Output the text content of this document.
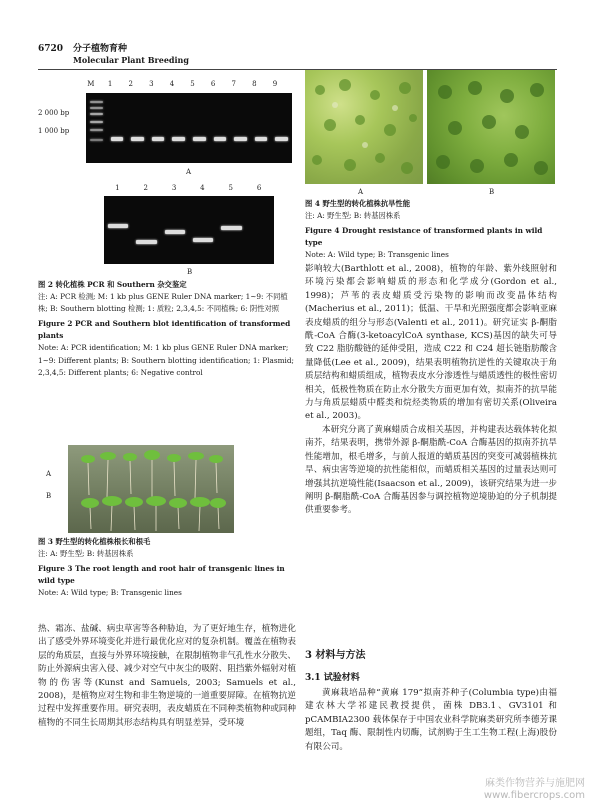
6720 分子植物育种
Molecular Plant Breeding
M 1 2 3 4 5 6 7 8 9
2 000 bp
1 000 bp
A
1	2	3	4	5	6
B
图 2 转化植株 PCR 和 Southern 杂交鉴定
注: A: PCR 检测; M: 1 kb plus GENE Ruler DNA marker; 1~9: 不同植株; B: Southern blotting 检测; 1: 质粒; 2,3,4,5: 不同植株; 6: 阴性对照
Figure 2 PCR and Southern blot identification of transformed plants
Note: A: PCR identification; M: 1 kb plus GENE Ruler DNA marker; 1~9: Different plants; B: Southern blotting identification; 1: Plasmid; 2,3,4,5: Different plants; 6: Negative control
A
B
图 3 野生型的转化植株根长和根毛
注: A: 野生型; B: 转基因株系
Figure 3 The root length and root hair of transgenic lines in wild type
Note: A: Wild type; B: Transgenic lines

热、霜冻、盐碱、病虫草害等各种胁迫，为了更好地生存，植物进化出了感受外界环境变化并进行最优化应对的复杂机制。覆盖在植物表层的角质层，直接与外界环境接触，在限制植物非气孔性水分散失、防止外源病虫害入侵、减少对空气中灰尘的吸附、阻挡紫外辐射对植物的伤害等(Kunst and Samuels, 2003; Samuels et al., 2008)，是植物应对生物和非生物逆境的一道重要屏障。在植物抗逆过程中发挥重要作用。研究表明，表皮蜡质在不同种类植物种或同种植物的不同生长周期其形态结构具有明显差异，受环境

A	B
图 4 野生型的转化植株抗旱性能
注: A: 野生型; B: 转基因株系
Figure 4 Drought resistance of transformed plants in wild type
Note: A: Wild type; B: Transgenic lines

影响较大(Barthlott et al., 2008)，植物的年龄、紫外线照射和环境污染都会影响蜡质的形态和化学成分(Gordon et al., 1998)；芦苇的表皮蜡质受污染物的影响而改变晶体结构(Macherius et al., 2011)；低温、干旱和光照强度都会影响亚麻表皮蜡质的组分与形态(Valenti et al., 2011)。研究证实 β-酮脂酰-CoA 合酶(3-ketoacylCoA synthase, KCS)基因的缺失可导致 C22 脂肪酸链的延伸受阻，造成 C22 和 C24 超长链脂肪酸含量降低(Lee et al., 2009)，结果表明植物抗逆性的关键取决于角质层结构和蜡质组成，植物表皮水分渗透性与蜡质透性的极性密切相关，低极性物质在防止水分散失方面更加有效，拟南芥的抗旱能力与角质层蜡质中醛类和烷烃类物质的增加有密切关系(Oliveira et al., 2003)。

本研究分离了黄麻蜡质合成相关基因，并构建表达载体转化拟南芥，结果表明，携带外源 β-酮脂酰-CoA 合酶基因的拟南芥抗旱性能增加，根毛增多，与前人报道的蜡质基因的突变可减弱植株抗旱、病虫害等逆境的抗性能相似，而蜡质相关基因的过量表达则可增强其抗逆境性能(Isaacson et al., 2009)，该研究结果为进一步阐明 β-酮脂酰-CoA 合酶基因参与调控植物逆境胁迫的分子机制提供重要参考。

3 材料与方法
3.1 试验材料

黄麻栽培品种“黄麻 179”拟南芥种子(Columbia type)由福建农林大学祁建民教授提供，菌株 DB3.1、GV3101 和 pCAMBIA2300 载体保存于中国农业科学院麻类研究所李德芳课题组，Taq 酶、限制性内切酶，试剂购于生工生物工程(上海)股份有限公司。

麻类作物营养与施肥网
www.fibercrops.com
